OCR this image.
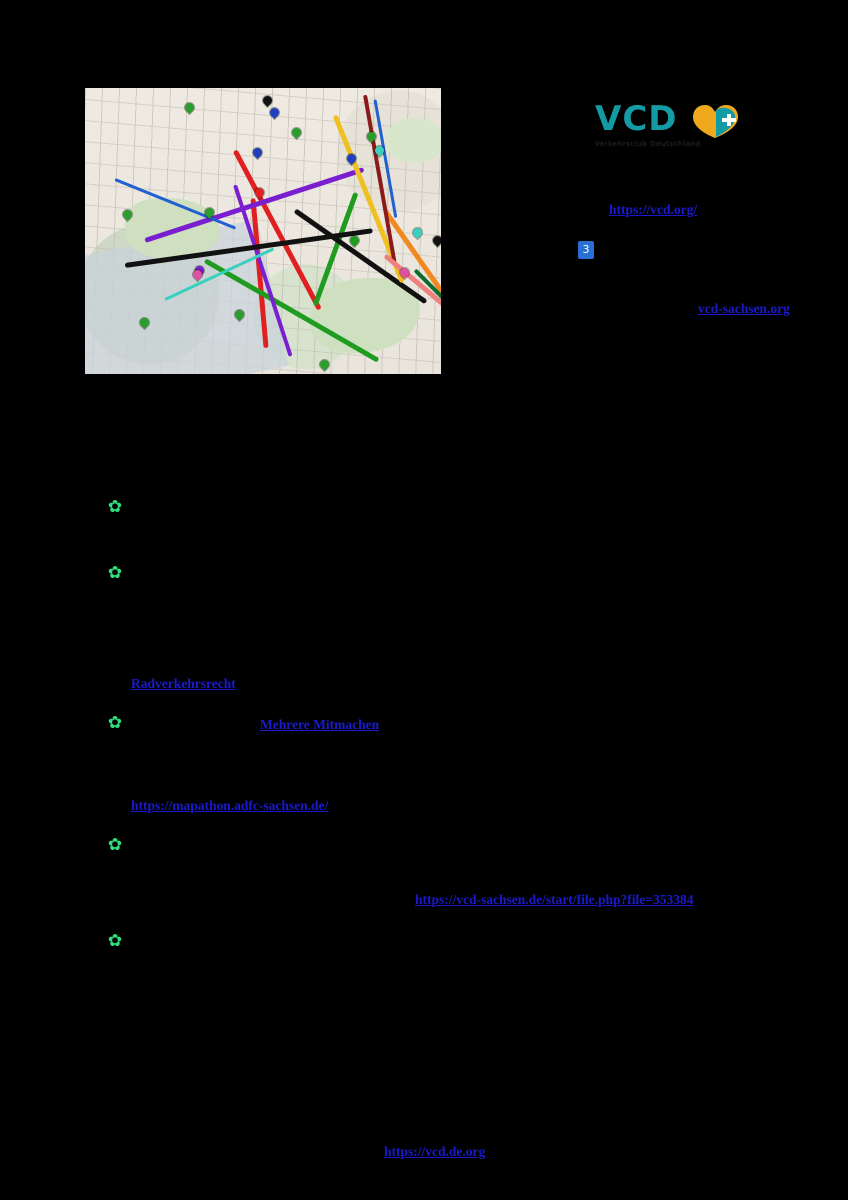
VCD
Verkehrsclub Deutschland
3
https://vcd.org/
vcd-sachsen.org
Radverkehrsrecht
Mehrere Mitmachen
https://mapathon.adfc-sachsen.de/
https://vcd-sachsen.de/start/file.php?file=353384
https://vcd.de.org
✿
✿
✿
✿
✿
